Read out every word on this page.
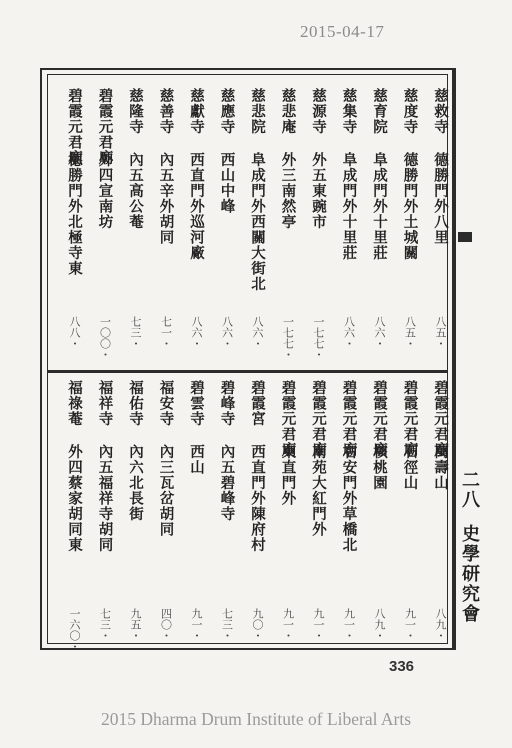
2015-04-17
二八史學研究會
慈救寺
德勝門外八里
八五・
慈度寺
德勝門外土城關
八五・
慈育院
阜成門外十里莊
八六・
慈集寺
阜成門外十里莊
八六・
慈源寺
外五東豌市
一七七・
慈悲庵
外三南然亭
一七七・
慈悲院
阜成門外西關大街北
八六・
慈應寺
西山中峰
八六・
慈獻寺
西直門外巡河廠
八六・
慈善寺
內五辛外胡同
七一・
慈隆寺
內五高公菴
七三・
碧霞元君廟
外四宣南坊
一〇〇・
碧霞元君廟
德勝門外北極寺東
八八・
碧霞元君廟
萬壽山
八九・
碧霞元君廟
石徑山
九一・
碧霞元君廟
核桃園
八九・
碧霞元君廟
右安門外草橋北
九一・
碧霞元君廟
南苑大紅門外
九一・
碧霞元君廟
東直門外
九一・
碧霞宮
西直門外陳府村
九〇・
碧峰寺
內五碧峰寺
七三・
碧雲寺
西山
九一・
福安寺
內三瓦岔胡同
四〇・
福佑寺
內六北長街
九五・
福祥寺
內五福祥寺胡同
七三・
福祿菴
外四蔡家胡同東
一六〇・
336
2015 Dharma Drum Institute of Liberal Arts
